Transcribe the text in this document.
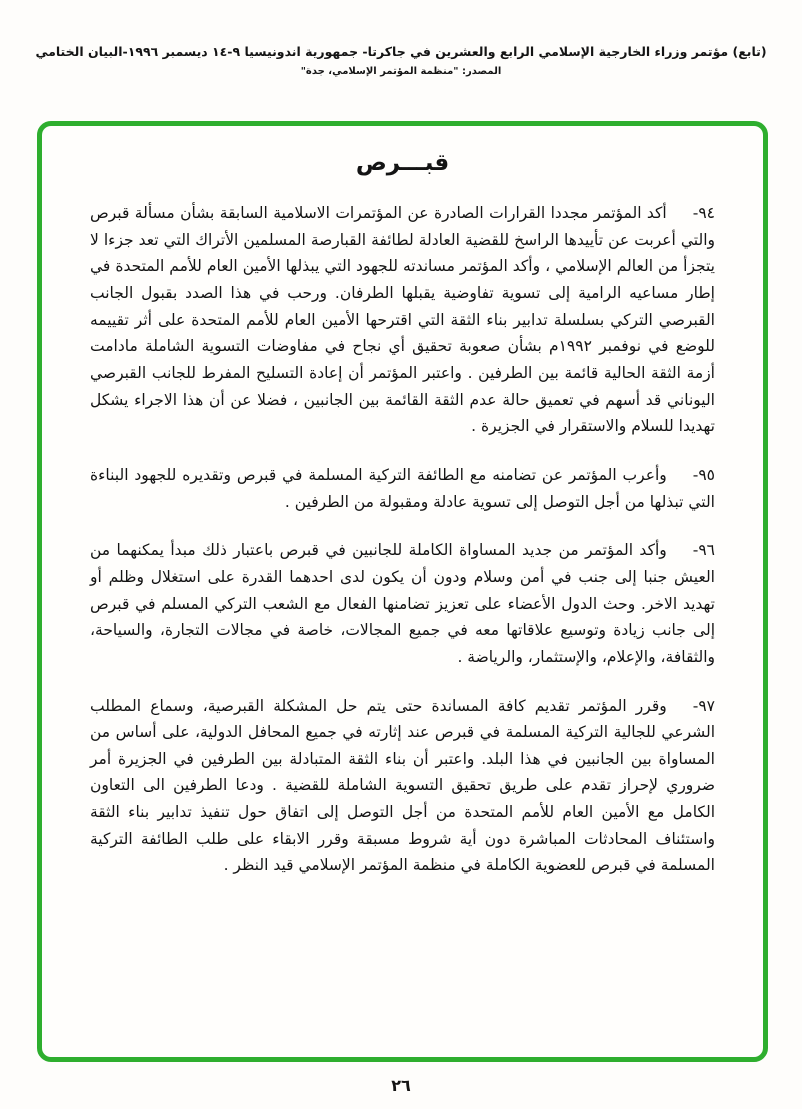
(تابع) مؤتمر وزراء الخارجية الإسلامي الرابع والعشرين في جاكرتا- جمهورية اندونيسيا ٩-١٤ ديسمبر ١٩٩٦-البيان الختامي
المصدر: "منظمة المؤتمر الإسلامي، جدة"
قبـــرص

٩٤-أكد المؤتمر مجددا القرارات الصادرة عن المؤتمرات الاسلامية السابقة بشأن مسألة قبرص والتي أعربت عن تأييدها الراسخ للقضية العادلة لطائفة القبارصة المسلمين الأتراك التي تعد جزءا لا يتجزأ من العالم الإسلامي ، وأكد المؤتمر مساندته للجهود التي يبذلها الأمين العام للأمم المتحدة في إطار مساعيه الرامية إلى تسوية تفاوضية يقبلها الطرفان. ورحب في هذا الصدد بقبول الجانب القبرصي التركي بسلسلة تدابير بناء الثقة التي اقترحها الأمين العام للأمم المتحدة على أثر تقييمه للوضع في نوفمبر ١٩٩٢م بشأن صعوبة تحقيق أي نجاح في مفاوضات التسوية الشاملة مادامت أزمة الثقة الحالية قائمة بين الطرفين . واعتبر المؤتمر أن إعادة التسليح المفرط للجانب القبرصي اليوناني قد أسهم في تعميق حالة عدم الثقة القائمة بين الجانبين ، فضلا عن أن هذا الاجراء يشكل تهديدا للسلام والاستقرار في الجزيرة .

٩٥-وأعرب المؤتمر عن تضامنه مع الطائفة التركية المسلمة في قبرص وتقديره للجهود البناءة التي تبذلها من أجل التوصل إلى تسوية عادلة ومقبولة من الطرفين .

٩٦-وأكد المؤتمر من جديد المساواة الكاملة للجانبين في قبرص باعتبار ذلك مبدأ يمكنهما من العيش جنبا إلى جنب في أمن وسلام ودون أن يكون لدى احدهما القدرة على استغلال وظلم أو تهديد الاخر. وحث الدول الأعضاء على تعزيز تضامنها الفعال مع الشعب التركي المسلم في قبرص إلى جانب زيادة وتوسيع علاقاتها معه في جميع المجالات، خاصة في مجالات التجارة، والسياحة، والثقافة، والإعلام، والإستثمار، والرياضة .

٩٧-وقرر المؤتمر تقديم كافة المساندة حتى يتم حل المشكلة القبرصية، وسماع المطلب الشرعي للجالية التركية المسلمة في قبرص عند إثارته في جميع المحافل الدولية، على أساس من المساواة بين الجانبين في هذا البلد. واعتبر أن بناء الثقة المتبادلة بين الطرفين في الجزيرة أمر ضروري لإحراز تقدم على طريق تحقيق التسوية الشاملة للقضية . ودعا الطرفين الى التعاون الكامل مع الأمين العام للأمم المتحدة من أجل التوصل إلى اتفاق حول تنفيذ تدابير بناء الثقة واستئناف المحادثات المباشرة دون أية شروط مسبقة وقرر الابقاء على طلب الطائفة التركية المسلمة في قبرص للعضوية الكاملة في منظمة المؤتمر الإسلامي قيد النظر .

٢٦
